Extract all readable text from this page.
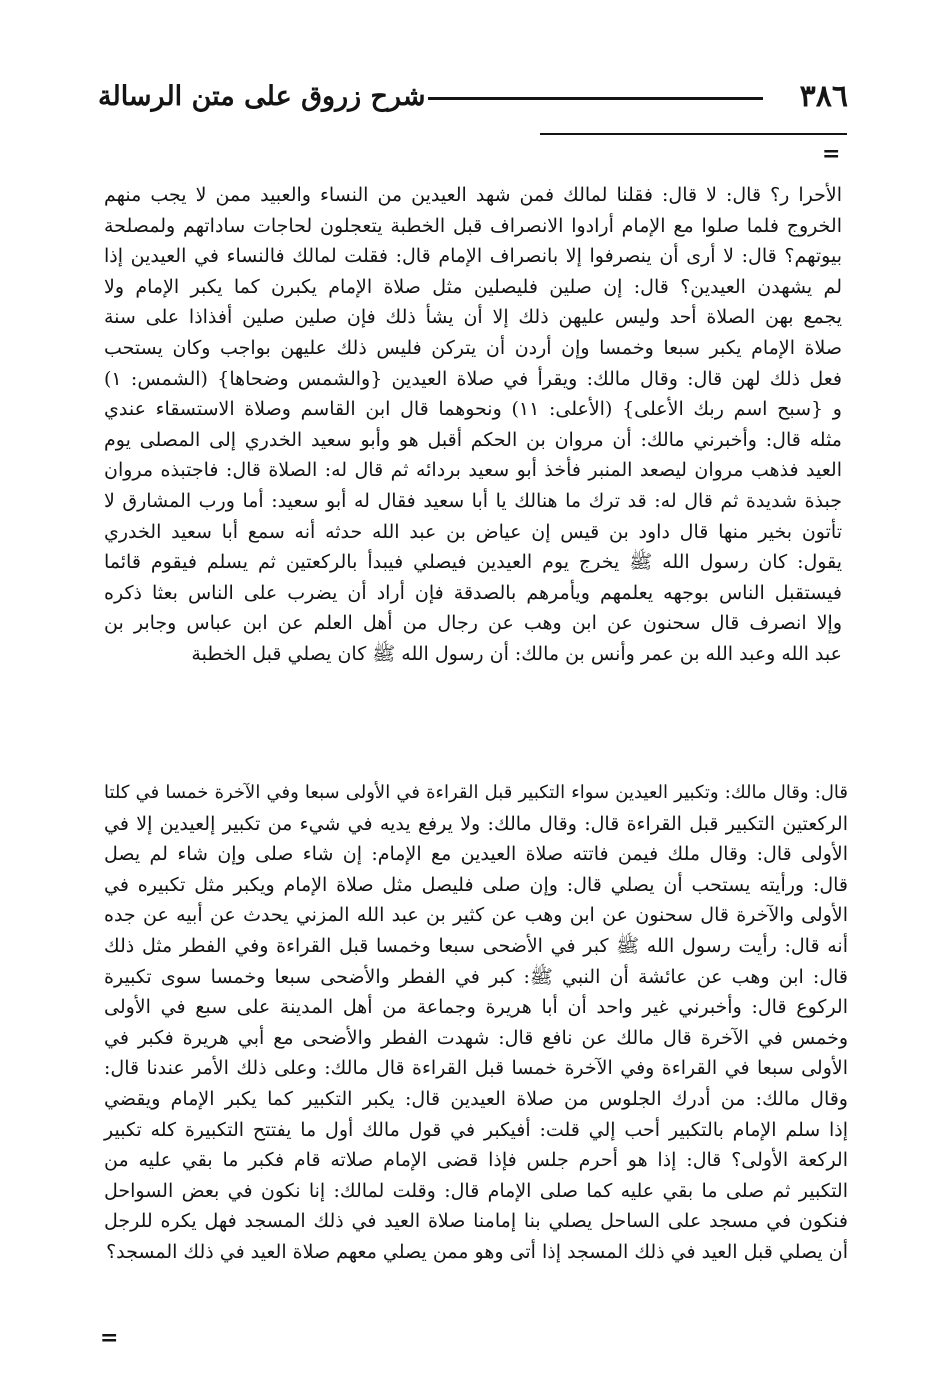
٣٨٦
شرح زروق على متن الرسالة
=
الأحرا ر؟ قال: لا قال: فقلنا لمالك فمن شهد العيدين من النساء والعبيد ممن لا يجب منهم
الخروج فلما صلوا مع الإمام أرادوا الانصراف قبل الخطبة يتعجلون لحاجات ساداتهم ولمصلحة
بيوتهم؟ قال: لا أرى أن ينصرفوا إلا بانصراف الإمام قال: فقلت لمالك فالنساء في العيدين إذا
لم يشهدن العيدين؟ قال: إن صلين فليصلين مثل صلاة الإمام يكبرن كما يكبر الإمام ولا
يجمع بهن الصلاة أحد وليس عليهن ذلك إلا أن يشأ ذلك فإن صلين صلين أفذاذا على سنة
صلاة الإمام يكبر سبعا وخمسا وإن أردن أن يتركن فليس ذلك عليهن بواجب وكان يستحب
فعل ذلك لهن قال: وقال مالك: ويقرأ في صلاة العيدين {والشمس وضحاها} (الشمس: ١)
و {سبح اسم ربك الأعلى} (الأعلى: ١١) ونحوهما قال ابن القاسم وصلاة الاستسقاء عندي
مثله قال: وأخبرني مالك: أن مروان بن الحكم أقبل هو وأبو سعيد الخدري إلى المصلى يوم
العيد فذهب مروان ليصعد المنبر فأخذ أبو سعيد بردائه ثم قال له: الصلاة قال: فاجتبذه مروان
جبذة شديدة ثم قال له: قد ترك ما هنالك يا أبا سعيد فقال له أبو سعيد: أما ورب المشارق لا
تأتون بخير منها قال داود بن قيس إن عياض بن عبد الله حدثه أنه سمع أبا سعيد الخدري
يقول: كان رسول الله ﷺ يخرج يوم العيدين فيصلي فيبدأ بالركعتين ثم يسلم فيقوم قائما
فيستقبل الناس بوجهه يعلمهم ويأمرهم بالصدقة فإن أراد أن يضرب على الناس بعثا ذكره
وإلا انصرف قال سحنون عن ابن وهب عن رجال من أهل العلم عن ابن عباس وجابر بن
عبد الله وعبد الله بن عمر وأنس بن مالك: أن رسول الله ﷺ كان يصلي قبل الخطبة
قال: وقال مالك: وتكبير العيدين سواء التكبير قبل القراءة في الأولى سبعا وفي الآخرة خمسا في كلتا
الركعتين التكبير قبل القراءة قال: وقال مالك: ولا يرفع يديه في شيء من تكبير إلعيدين إلا في
الأولى قال: وقال ملك فيمن فاتته صلاة العيدين مع الإمام: إن شاء صلى وإن شاء لم يصل
قال: ورأيته يستحب أن يصلي قال: وإن صلى فليصل مثل صلاة الإمام ويكبر مثل تكبيره في
الأولى والآخرة قال سحنون عن ابن وهب عن كثير بن عبد الله المزني يحدث عن أبيه عن جده
أنه قال: رأيت رسول الله ﷺ كبر في الأضحى سبعا وخمسا قبل القراءة وفي الفطر مثل ذلك
قال: ابن وهب عن عائشة أن النبي ﷺ: كبر في الفطر والأضحى سبعا وخمسا سوى تكبيرة
الركوع قال: وأخبرني غير واحد أن أبا هريرة وجماعة من أهل المدينة على سبع في الأولى
وخمس في الآخرة قال مالك عن نافع قال: شهدت الفطر والأضحى مع أبي هريرة فكبر في
الأولى سبعا في القراءة وفي الآخرة خمسا قبل القراءة قال مالك: وعلى ذلك الأمر عندنا قال:
وقال مالك: من أدرك الجلوس من صلاة العيدين قال: يكبر التكبير كما يكبر الإمام ويقضي
إذا سلم الإمام بالتكبير أحب إلي قلت: أفيكبر في قول مالك أول ما يفتتح التكبيرة كله تكبير
الركعة الأولى؟ قال: إذا هو أحرم جلس فإذا قضى الإمام صلاته قام فكبر ما بقي عليه من
التكبير ثم صلى ما بقي عليه كما صلى الإمام قال: وقلت لمالك: إنا نكون في بعض السواحل
فنكون في مسجد على الساحل يصلي بنا إمامنا صلاة العيد في ذلك المسجد فهل يكره للرجل
أن يصلي قبل العيد في ذلك المسجد إذا أتى وهو ممن يصلي معهم صلاة العيد في ذلك المسجد؟
=
